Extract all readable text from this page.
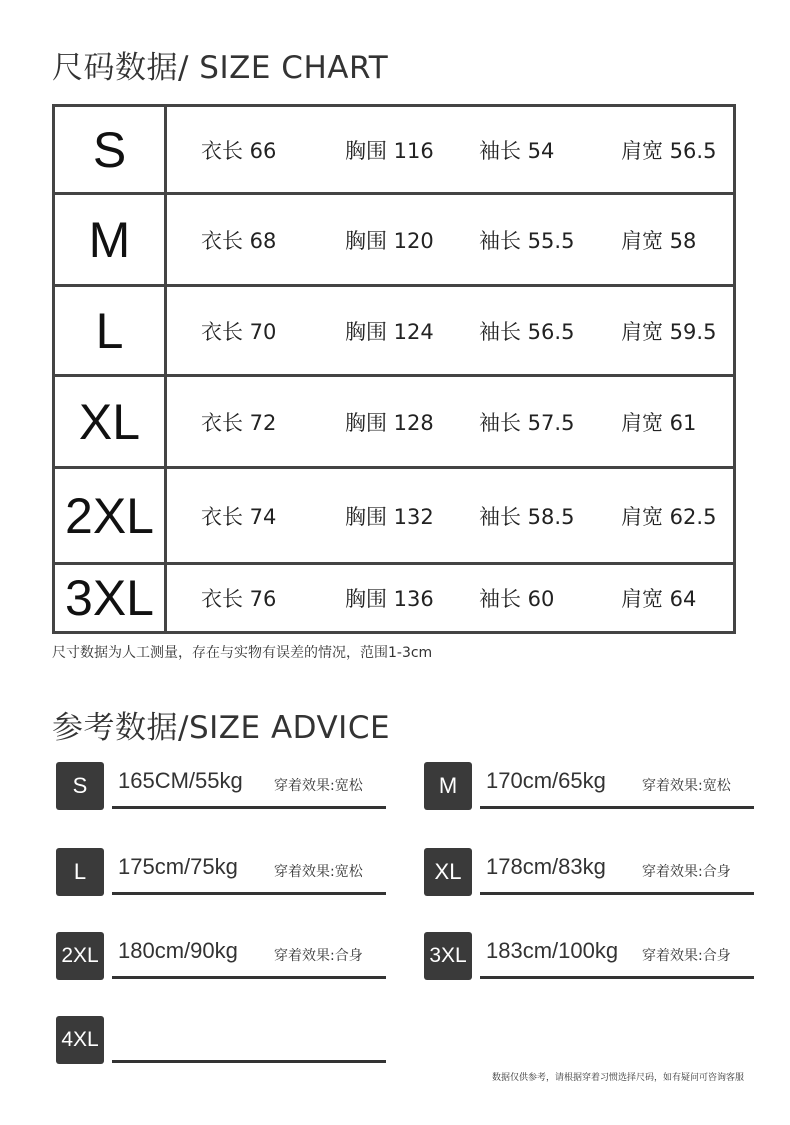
尺码数据/ SIZE CHART
S	衣长 66	胸围 116 袖长 54	肩宽 56.5
M	衣长 68	胸围 120 袖长 55.5 肩宽 58
L	衣长 70	胸围 124 袖长 56.5 肩宽 59.5
XL	衣长 72	胸围 128 袖长 57.5 肩宽 61
2XL	衣长 74	胸围 132 袖长 58.5 肩宽 62.5
3XL	衣长 76	胸围 136 袖长 60	肩宽 64
尺寸数据为人工测量，存在与实物有误差的情况，范围1-3cm
参考数据/SIZE ADVICE
S	165CM/55kg 穿着效果:宽松	M	170cm/65kg	穿着效果:宽松
L	175cm/75kg	穿着效果:宽松	XL	178cm/83kg	穿着效果:合身
2XL 180cm/90kg	穿着效果:合身	3XL 183cm/100kg 穿着效果:合身
4XL
数据仅供参考，请根据穿着习惯选择尺码，如有疑问可咨询客服
